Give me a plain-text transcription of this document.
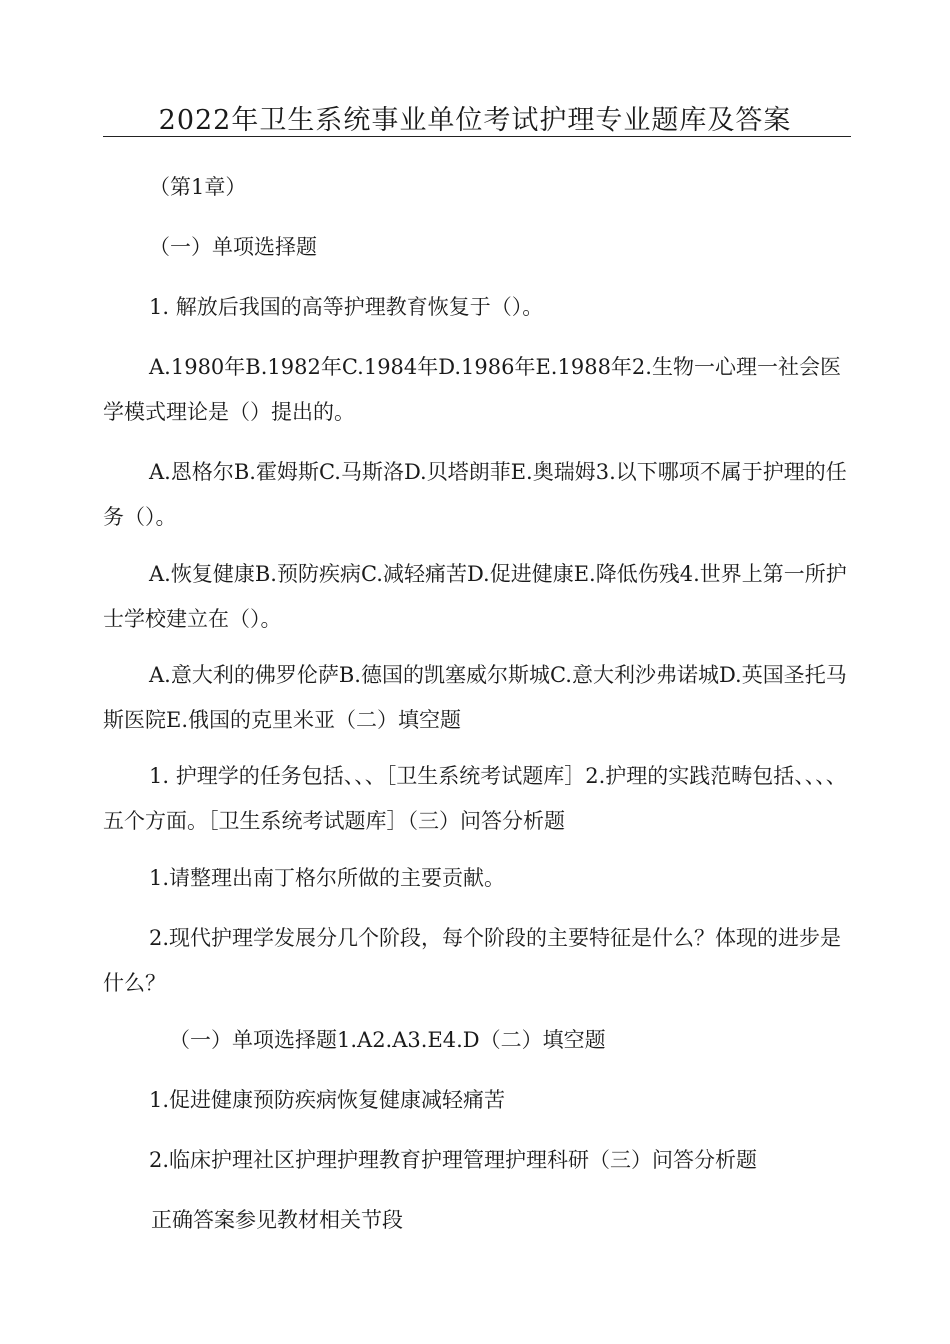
2022年卫生系统事业单位考试护理专业题库及答案

（第1章）

（一）单项选择题

1. 解放后我国的高等护理教育恢复于（）。

A.1980年B.1982年C.1984年D.1986年E.1988年2.生物一心理一社会医学模式理论是（）提出的。

A.恩格尔B.霍姆斯C.马斯洛D.贝塔朗菲E.奥瑞姆3.以下哪项不属于护理的任务（）。

A.恢复健康B.预防疾病C.减轻痛苦D.促进健康E.降低伤残4.世界上第一所护士学校建立在（）。

A.意大利的佛罗伦萨B.德国的凯塞威尔斯城C.意大利沙弗诺城D.英国圣托马斯医院E.俄国的克里米亚（二）填空题

1. 护理学的任务包括、、、［卫生系统考试题库］2.护理的实践范畴包括、、、、五个方面。［卫生系统考试题库］（三）问答分析题

1.请整理出南丁格尔所做的主要贡献。

2.现代护理学发展分几个阶段，每个阶段的主要特征是什么？体现的进步是什么？

（一）单项选择题1.A2.A3.E4.D（二）填空题

1.促进健康预防疾病恢复健康减轻痛苦

2.临床护理社区护理护理教育护理管理护理科研（三）问答分析题

正确答案参见教材相关节段
